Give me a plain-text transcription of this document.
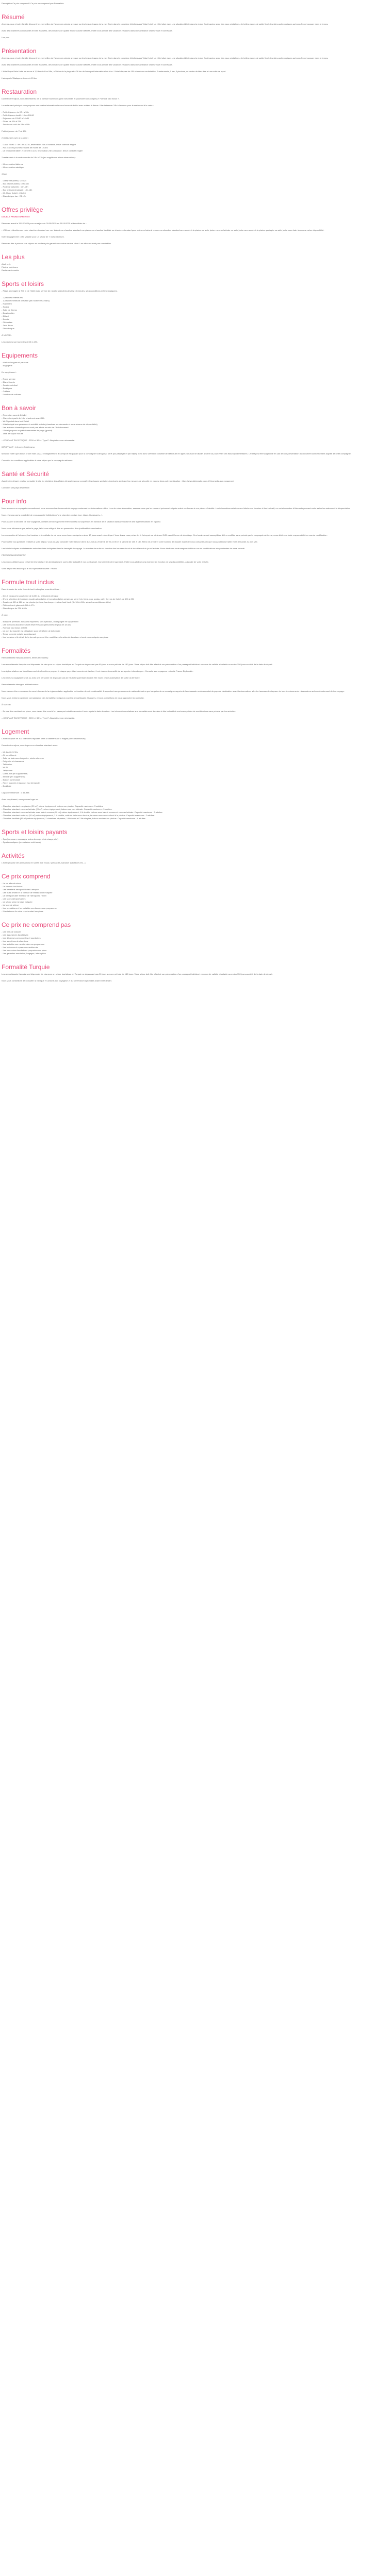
Description Ce prix comprend / Ce prix ne comprend pas Formalités

Résumé

Amenez-vous et votre famille découvrir les merveilles de l’ancienne colonie grecque sur les beaux rivages de la mer Egée dans le complexe hôtelier Aqua Vista Hotel. Un hôtel situé dans une situation idéale dans la région Dodécanèse avec des eaux cristallines, de belles plages de sable fin et des sites archéologiques qui vous feront voyager dans le temps.

Avec des chambres confortables et bien équipées, des services de qualité et une cuisine raffinée, l’hôtel vous assure des vacances réussies dans une ambiance chaleureuse et conviviale.

Lire plus

Présentation

Amenez-vous et votre famille découvrir les merveilles de l’ancienne colonie grecque sur les beaux rivages de la mer Egée dans le complexe hôtelier Aqua Vista Hotel. Un hôtel situé dans une situation idéale dans la région Dodécanèse avec des eaux cristallines, de belles plages de sable fin et des sites archéologiques qui vous feront voyager dans le temps.

Avec des chambres confortables et bien équipées, des services de qualité et une cuisine raffinée, l’hôtel vous assure des vacances réussies dans une ambiance chaleureuse et conviviale.

L’hôtel Aqua Vista Hotel se trouve à 1,5 km de Kos Ville, à 300 m de la plage et à 26 km de l’aéroport international de Kos. L’hôtel dispose de 150 chambres confortables, 2 restaurants, 1 bar, 3 piscines, un centre de bien-être et une salle de sport.

L’aéroport d’Atalaya se trouve à 15 km.

Restauration

Durant votre séjour, vous bénéficierez de la formule tout inclus (prix hors taxes et pourboire non-compris) « Formule tout inclus ».

Le restaurant principal vous propose une cuisine internationale sous forme de buffet avec soirées à thème. Il faut réserver 24h à l’avance pour le restaurant à la carte :

- Petit déjeuner: de 07h à 10h
- Petit déjeuner tardif : 10h à 10h30
- Déjeuner: de 12h30 à 14h30
- Dîner: de 19h à 21h
- Service de nuit: de 23h à 00h

Petit déjeuner: de 7h à 10h

2 restaurants avec à la carte :

- L’Asia Bistrô 1 : de 19h à 21h, réservation 24h à l’avance, tenue correcte exigée
- Pas d’accès pour les enfants de moins de 12 ans
- Le restaurant italien 2 : de 19h à 21h, réservation 24h à l’avance, tenue correcte exigée

2 restaurants à la carte ouverts de 19h à 21h (en supplément et sur réservation) :

- Menu cuisine italienne
- Menu cuisine asiatique

4 bars :

- Lobby bar (hôtel) : 24h/24
- Bar piscine (hôtel) : 10h-18h
- Pool bar (piscine) : 10h-18h
- Bar restaurant (plage) : 10h-18h
- Mr. Rider (hôtel) : 24h/24
- Discothèque bar : 23h-2h
Offres privilège

DOUBLE PROMO OFFERTE !

Réservez avant le 31/12/2024 pour un séjour du 01/05/2025 au 31/10/2025 et bénéficiez de :

- -25% de réduction sur votre chambre standard vue mer latérale ou chambre standard vue piscine ou chambre familiale ou chambre standard pour moi avec bains à remous ou chambre standard avec accès à la piscine ou suite junior vue mer latérale ou suite junior avec accès à la piscine partagée ou suite junior avec bain à remous, selon disponibilité.

Notre engagement : offre valable pour un séjour de 7 nuits minimum.

Réservez dès à présent vos séjours au meilleur prix garanti avec notre service client. Les offres ne sont pas cumulables.

Les plus
Adult only
Piscine extérieure
Restaurants variés
Sports et loisirs

- Plage aménagée à 700 m de l’hôtel avec service de navette gratuit (toutes les 15 minutes, selon conditions météorologiques).

- 2 piscines extérieures
- 1 piscine intérieure chauffée (de novembre à mars)
- Hammam
- Sauna
- Salle de fitness
- Beach volley
- Billard
- Boccia
- Fléchettes
- Jeux d’eau
- Discothèque

À NOTER :

Les piscines sont ouvertes de 8h à 19h.

Equipements
- chaises longues et parasols
- Bagagerie

En supplément :

- Room service
- Blanchisserie
- Service médical
- Boutiques
- Coiffeur
- Location de voitures
Bon à savoir
- Réception ouverte 24h/24
- Check-in à partir de 14h, check-out avant 12h
- Wi-Fi gratuit dans tout l’hôtel
- Hôtel adapté aux personnes à mobilité réduite (chambres sur demande et sous réserve de disponibilité)
- Les animaux domestiques ne sont pas admis au sein de l’établissement
- L’hôtel propose un prêt de serviettes de plage (gratuit).
- Taxe de séjour incluse

– COURANT ÉLECTRIQUE : 220V et 50Hz. Type F. Adaptateur non nécessaire.

IMPORTANT : Info avec SoleiLyarvo

Merci de noter que depuis le 1er mars 2022, l’enregistrement à l’aéroport est payant pour la compagnie SoleiLyarvo (50 € par passager et par trajet). Il est donc vivement conseillé de l’effectuer en ligne 24h avant le départ à votre vol pour éviter ces frais supplémentaires. Le tarif peut être augmenté en cas de non-présentation du document conformément auprès de cette compagnie.

Consulter les conditions applicables à votre séjour par la compagnie aérienne.

Santé et Sécurité

Avant votre départ, veuillez consulter le site du ministère des Affaires étrangères pour connaître les risques sanitaires éventuels ainsi que les mesures de sécurité en vigueur dans votre destination : https://www.diplomatie.gouv.fr/fr/conseils-aux-voyageurs/

Consulter par pays destination

Pour info

Nous sommes un voyagiste conventionné, vous recevrez les documents de voyage contenant les informations utiles. Lors de votre réservation, assurez-vous que les noms et prénoms indiqués soient conformes à vos pièces d’identité. Les informations relatives aux hôtels sont fournies à titre indicatif, un certain nombre d’éléments pouvant varier selon les saisons et la fréquentation.

Nous n’avons pas la possibilité de vous garantir l’attribution d’une chambre précise (vue, étage, lits séparés...).

Pour assurer la sécurité de nos voyageurs, certains services peuvent être modifiés ou suspendus en fonction de la situation sanitaire locale et des réglementations en vigueur.

Nous vous informons que, selon le pays, la loi vous oblige à être en possession d’un justificatif de vaccination.

La convocation à l’aéroport, les horaires et les détails du vol vous seront communiqués environ 10 jours avant votre départ. Vous devez vous présenter à l’aéroport au minimum 2h30 avant l’heure de décollage. Ces horaires sont susceptibles d’être modifiés sans préavis par la compagnie aérienne, nous déclinons toute responsabilité en cas de modification.

Pour toutes vos questions relatives à votre séjour, vous pouvez contacter notre service client du lundi au vendredi de 9h à 19h et le samedi de 10h à 18h. Merci de préparer votre numéro de dossier avant de nous contacter afin que nous puissions traiter votre demande au plus vite.

Les hôtels indiqués sont réservés selon les dates indiquées dans le descriptif du voyage. Le nombre de nuits est fonction des horaires de vol et inclut la nuit du jour d’arrivée. Nous déclinons toute responsabilité en cas de modifications indépendantes de notre volonté.

PRÉCISION DESCRIPTIF

Les photos utilisées pour présenter les hôtels et les destinations le sont à titre indicatif et non contractuel. Concernant votre logement, l’hôtel vous attribuera la chambre en fonction de ses disponibilités, à la date de votre arrivée.

Votre séjour est assuré par le tour opérateur suivant : FRAM

Formule tout inclus

Dans le cadre de votre formule tout inclus plus, vous bénéficiez :

- Des 3 repas pris sous forme de buffet au restaurant principal
- D’une sélection de boissons locales alcoolisées et non alcoolisées servies au verre (vin, bière, eau, sodas, café, thé, jus de fruits), de 10h à 23h
- Snacks de 12h à 16h au bar piscine (crêpes, hamburger...) et au food truck (de 10h à 18h, selon les conditions météo)
- Pâtisseries et glaces de 16h à 17h
- Discothèque de 23h à 00h

À noter :

- Boissons premium, boissons importées, vins spéciaux, champagne en supplément
- Les boissons alcoolisées sont réservées aux personnes de plus de 18 ans
- Formule tout inclus 24h/24
- Le port du bracelet est obligatoire pour bénéficier de la formule
- Tenue correcte exigée au restaurant
- Les horaires et le détail de la formule peuvent être modifiés en fonction de la saison et sont communiqués sur place
Formalités

Ressortissants français (adultes, bébés et enfants) :

Les ressortissants français sont dispensés de visa pour un séjour touristique en Turquie ne dépassant pas 90 jours sur une période de 180 jours. Votre séjour doit être effectué sur présentation d’un passeport individuel en cours de validité et valable au moins 150 jours au-delà de la date de départ.

Les règles relatives au franchissement des frontières propres à chaque pays étant amenées à évoluer, il est vivement conseillé de se reporter à la rubrique « Conseils aux voyageurs » du site France Diplomatie.

Les mineurs voyageant seuls ou avec une personne ne disposant pas de l’autorité parentale doivent être munis d’une autorisation de sortie du territoire.

Ressortissants étrangers et binationaux :

Nous devons être en mesure de vous informer de la réglementation applicable en fonction de votre nationalité. Il appartient aux personnes de nationalité autre que française de se renseigner auprès de l’ambassade ou du consulat du pays de destination avant la réservation, afin de s’assurer de disposer de tous les documents nécessaires au bon déroulement de leur voyage.

Nous vous invitons à prendre connaissance des formalités en vigueur pour les ressortissants étrangers, et vous conseillons de vous rapprocher du consulat.

À NOTER

- En cas d’un accident sur place, vous devez être muni d’un passeport valable au moins 6 mois après la date de retour. Les informations relatives aux formalités sont données à titre indicatif et sont susceptibles de modifications sans préavis par les autorités.

– COURANT ÉLECTRIQUE : 220V et 50Hz. Type F. Adaptateur non nécessaire.

Logement

L’hôtel dispose de 300 chambres réparties dans 3 bâtiments de 6 étages (avec ascenseurs).

Durant votre séjour, vous logerez en chambre standard avec :

- Lit double / 2 lits
- Air conditionné
- Salle de bain avec baignoire, sèche-cheveux
- Peignoirs et chaussons
- Télévision
- Wi-Fi
- Téléphone
- Coffre-fort (en supplément)
- Minibar (en supplément)
- Balcon ou terrasse
- Fer et planche à repasser (sur demande)
- Bouilloire

Capacité maximum : 3 adultes

Avec supplément, vous pouvez loger en :

- Chambre standard vue piscine (20 m²) même équipement, balcon vue piscine. Capacité maximum : 3 adultes.
- Chambre standard vue mer latérale (20 m²) même équipement, balcon vue mer latérale. Capacité maximum : 3 adultes.
- Chambre standard vue mer latérale avec bain à remous (20 m²) même équipement, 1 lit double, balcon avec bain à remous et vue mer latérale. Capacité maximum : 2 adultes.
- Chambre standard swim-up (20 m²) même équipement, 1 lit double, salle de bain avec douche, terrasse avec accès direct à la piscine. Capacité maximum : 2 adultes.
- Chambre familiale (35 m²) même équipement, 2 chambres séparées, 1 lit double et 2 lits simples, balcon sur terre ou piscine. Capacité maximum : 4 adultes.
Sports et loisirs payants
- Spa (hammam, massages, soins du corps et du visage, etc.)
- Sports nautiques (prestataires extérieurs)
Activités

L’hôtel propose des animations en soirée (live music, spectacles, karaoké, spectacles etc...)

Ce prix comprend
- Le vol aller et retour
- La formule tout inclus
- Les transferts aéroport / hôtel / aéroport
- Les nuits d’hôtel et la formule de restauration indiquée
- Le transport aller et retour de l’aéroport à l’hôtel
- Les taxes aéroportuaires
- Le séjour selon la base indiquée
- La taxe de séjour
- Les prestations et les activités mentionnées au programme
- L’assistance de notre représentant sur place
Ce prix ne comprend pas
- Les frais de dossier
- Les assurances facultatives
- Les dépenses personnelles et pourboires
- Les suppléments chambres
- Les activités non mentionnées au programme
- Les boissons et repas non mentionnés
- Les excursions facultatives proposées sur place
- Les garanties annulation, bagages, interruption
Formalité Turquie

Les ressortissants français sont dispensés de visa pour un séjour touristique en Turquie ne dépassant pas 90 jours sur une période de 180 jours. Votre séjour doit être effectué sur présentation d’un passeport individuel en cours de validité et valable au moins 150 jours au-delà de la date de départ.

Nous vous conseillons de consulter la rubrique « Conseils aux voyageurs » du site France Diplomatie avant votre départ.
